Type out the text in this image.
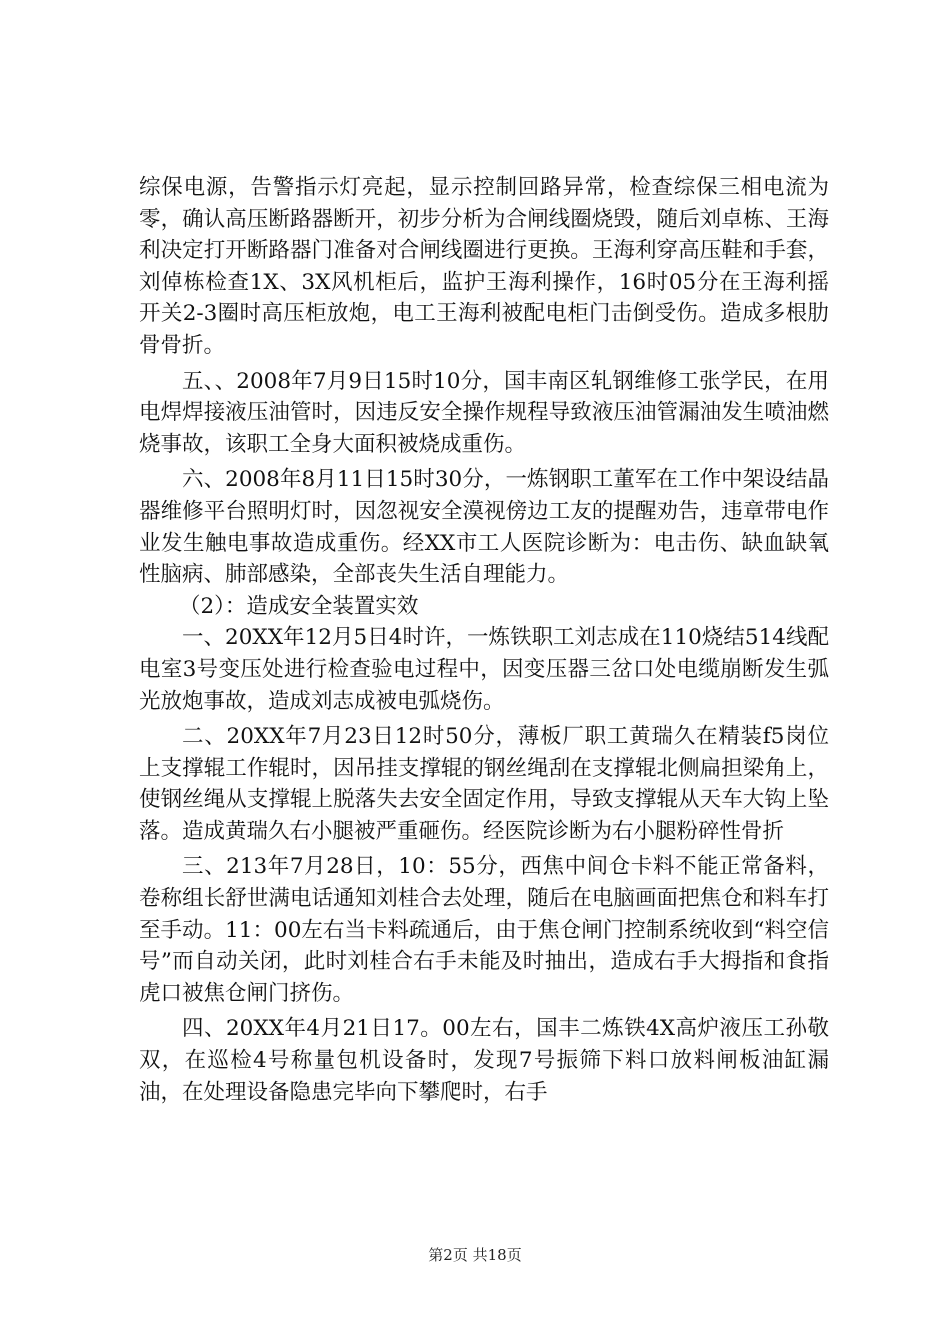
综保电源，告警指示灯亮起，显示控制回路异常，检查综保三相电流为零，确认高压断路器断开，初步分析为合闸线圈烧毁，随后刘卓栋、王海利决定打开断路器门准备对合闸线圈进行更换。王海利穿高压鞋和手套，刘倬栋检查1X、3X风机柜后，监护王海利操作，16时05分在王海利摇开关2-3圈时高压柜放炮，电工王海利被配电柜门击倒受伤。造成多根肋骨骨折。

五、、2008年7月9日15时10分，国丰南区轧钢维修工张学民，在用电焊焊接液压油管时，因违反安全操作规程导致液压油管漏油发生喷油燃烧事故，该职工全身大面积被烧成重伤。

六、2008年8月11日15时30分，一炼钢职工董军在工作中架设结晶器维修平台照明灯时，因忽视安全漠视傍边工友的提醒劝告，违章带电作业发生触电事故造成重伤。经XX市工人医院诊断为：电击伤、缺血缺氧性脑病、肺部感染，全部丧失生活自理能力。

（2）：造成安全装置实效

一、20XX年12月5日4时许，一炼铁职工刘志成在110烧结514线配电室3号变压处进行检查验电过程中，因变压器三岔口处电缆崩断发生弧光放炮事故，造成刘志成被电弧烧伤。

二、20XX年7月23日12时50分，薄板厂职工黄瑞久在精装f5岗位上支撑辊工作辊时，因吊挂支撑辊的钢丝绳刮在支撑辊北侧扁担梁角上，使钢丝绳从支撑辊上脱落失去安全固定作用，导致支撑辊从天车大钩上坠落。造成黄瑞久右小腿被严重砸伤。经医院诊断为右小腿粉碎性骨折

三、213年7月28日，10：55分，西焦中间仓卡料不能正常备料，卷称组长舒世满电话通知刘桂合去处理，随后在电脑画面把焦仓和料车打至手动。11：00左右当卡料疏通后，由于焦仓闸门控制系统收到“料空信号”而自动关闭，此时刘桂合右手未能及时抽出，造成右手大拇指和食指虎口被焦仓闸门挤伤。

四、20XX年4月21日17。00左右，国丰二炼铁4X高炉液压工孙敬双，在巡检4号称量包机设备时，发现7号振筛下料口放料闸板油缸漏油，在处理设备隐患完毕向下攀爬时，右手

第2页 共18页
